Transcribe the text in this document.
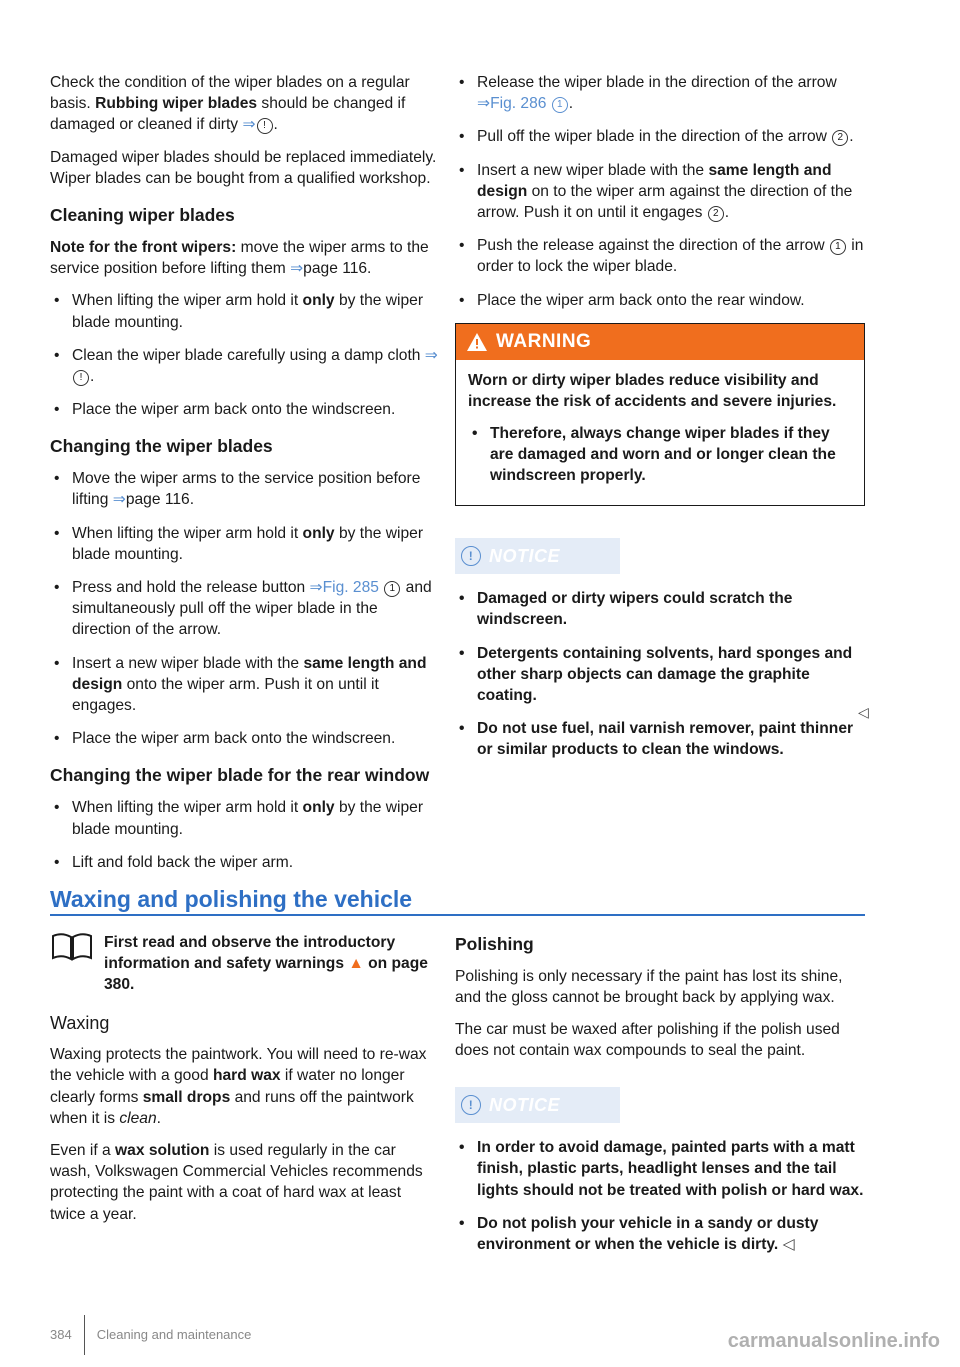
Check the condition of the wiper blades on a regular basis. Rubbing wiper blades should be changed if damaged or cleaned if dirty ⇒ ! .

Damaged wiper blades should be replaced immediately. Wiper blades can be bought from a qualified workshop.

Cleaning wiper blades

Note for the front wipers: move the wiper arms to the service position before lifting them ⇒page 116.

• When lifting the wiper arm hold it only by the wiper blade mounting.
• Clean the wiper blade carefully using a damp cloth ⇒! .
• Place the wiper arm back onto the windscreen.
Changing the wiper blades
• Move the wiper arms to the service position before lifting ⇒page 116.
• When lifting the wiper arm hold it only by the wiper blade mounting.
• Press and hold the release button ⇒Fig. 285 1 and simultaneously pull off the wiper blade in the direction of the arrow.
• Insert a new wiper blade with the same length and design onto the wiper arm. Push it on until it engages.
• Place the wiper arm back onto the windscreen.
Changing the wiper blade for the rear window
• When lifting the wiper arm hold it only by the wiper blade mounting.
• Lift and fold back the wiper arm.
• Release the wiper blade in the direction of the arrow ⇒Fig. 286 1 .
• Pull off the wiper blade in the direction of the arrow 2 .
• Insert a new wiper blade with the same length and design on to the wiper arm against the direction of the arrow. Push it on until it engages 2 .
• Push the release against the direction of the arrow 1 in order to lock the wiper blade.
• Place the wiper arm back onto the rear window.
WARNING

Worn or dirty wiper blades reduce visibility and increase the risk of accidents and severe injuries.

• Therefore, always change wiper blades if they are damaged and worn and or longer clean the windscreen properly.
! NOTICE
• Damaged or dirty wipers could scratch the windscreen.
• Detergents containing solvents, hard sponges and other sharp objects can damage the graphite coating.
• Do not use fuel, nail varnish remover, paint thinner or similar products to clean the windows.
◁
Waxing and polishing the vehicle
First read and observe the introductory information and safety warnings ▲ on page 380.
Waxing

Waxing protects the paintwork. You will need to re-wax the vehicle with a good hard wax if water no longer clearly forms small drops and runs off the paintwork when it is clean.

Even if a wax solution is used regularly in the car wash, Volkswagen Commercial Vehicles recommends protecting the paint with a coat of hard wax at least twice a year.

Polishing

Polishing is only necessary if the paint has lost its shine, and the gloss cannot be brought back by applying wax.

The car must be waxed after polishing if the polish used does not contain wax compounds to seal the paint.

! NOTICE
• In order to avoid damage, painted parts with a matt finish, plastic parts, headlight lenses and the tail lights should not be treated with polish or hard wax.
• Do not polish your vehicle in a sandy or dusty environment or when the vehicle is dirty. ◁
384 Cleaning and maintenance	carmanualsonline.info
